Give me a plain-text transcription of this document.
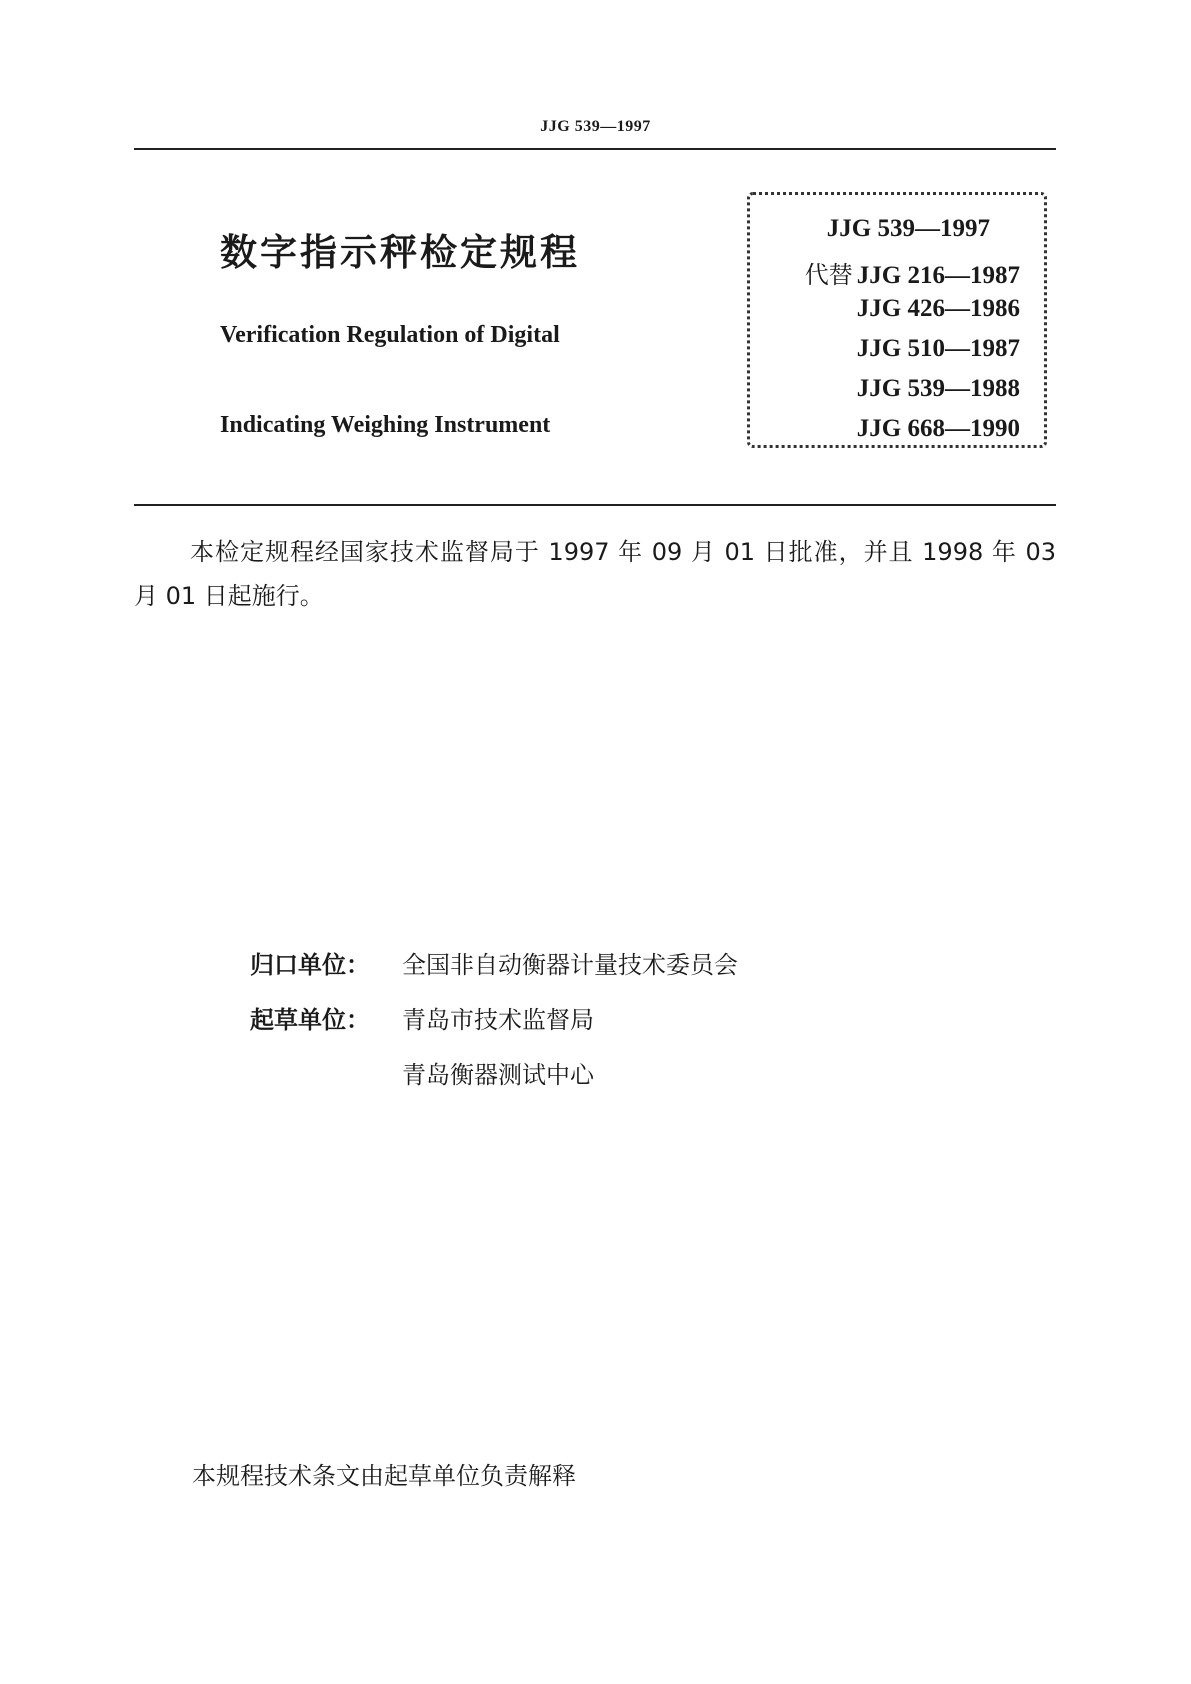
JJG 539—1997
数字指示秤检定规程
Verification Regulation of Digital
Indicating Weighing Instrument
JJG 539—1997
代替 JJG 216—1987
JJG 426—1986
JJG 510—1987
JJG 539—1988
JJG 668—1990
本检定规程经国家技术监督局于 1997 年 09 月 01 日批准，并且 1998 年 03 月 01 日起施行。
归口单位： 全国非自动衡器计量技术委员会
起草单位： 青岛市技术监督局
青岛衡器测试中心
本规程技术条文由起草单位负责解释
